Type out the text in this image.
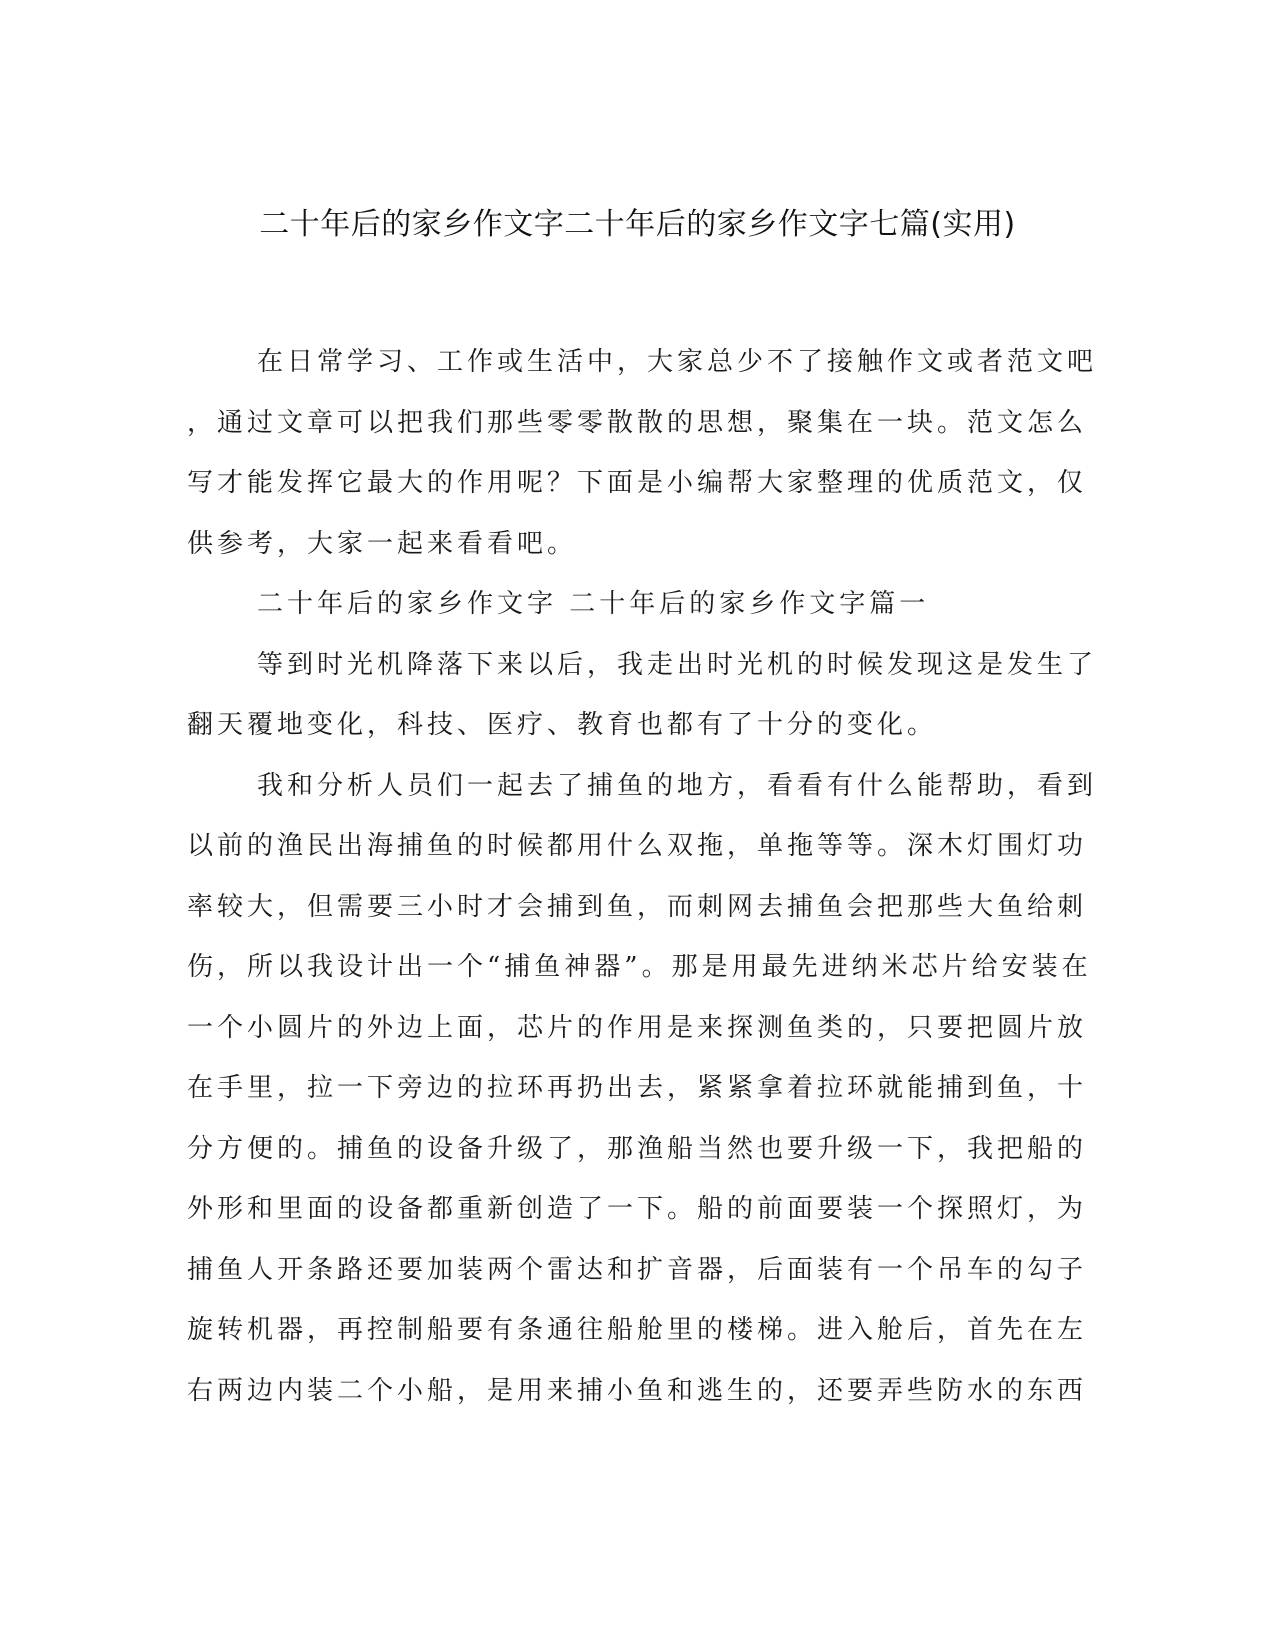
二十年后的家乡作文字二十年后的家乡作文字七篇(实用)
在日常学习、工作或生活中，大家总少不了接触作文或者范文吧
，通过文章可以把我们那些零零散散的思想，聚集在一块。范文怎么
写才能发挥它最大的作用呢？下面是小编帮大家整理的优质范文，仅
供参考，大家一起来看看吧。
二十年后的家乡作文字 二十年后的家乡作文字篇一
等到时光机降落下来以后，我走出时光机的时候发现这是发生了
翻天覆地变化，科技、医疗、教育也都有了十分的变化。
我和分析人员们一起去了捕鱼的地方，看看有什么能帮助，看到
以前的渔民出海捕鱼的时候都用什么双拖，单拖等等。深木灯围灯功
率较大，但需要三小时才会捕到鱼，而刺网去捕鱼会把那些大鱼给刺
伤，所以我设计出一个“捕鱼神器”。那是用最先进纳米芯片给安装在
一个小圆片的外边上面，芯片的作用是来探测鱼类的，只要把圆片放
在手里，拉一下旁边的拉环再扔出去，紧紧拿着拉环就能捕到鱼，十
分方便的。捕鱼的设备升级了，那渔船当然也要升级一下，我把船的
外形和里面的设备都重新创造了一下。船的前面要装一个探照灯，为
捕鱼人开条路还要加装两个雷达和扩音器，后面装有一个吊车的勾子
旋转机器，再控制船要有条通往船舱里的楼梯。进入舱后，首先在左
右两边内装二个小船，是用来捕小鱼和逃生的，还要弄些防水的东西
